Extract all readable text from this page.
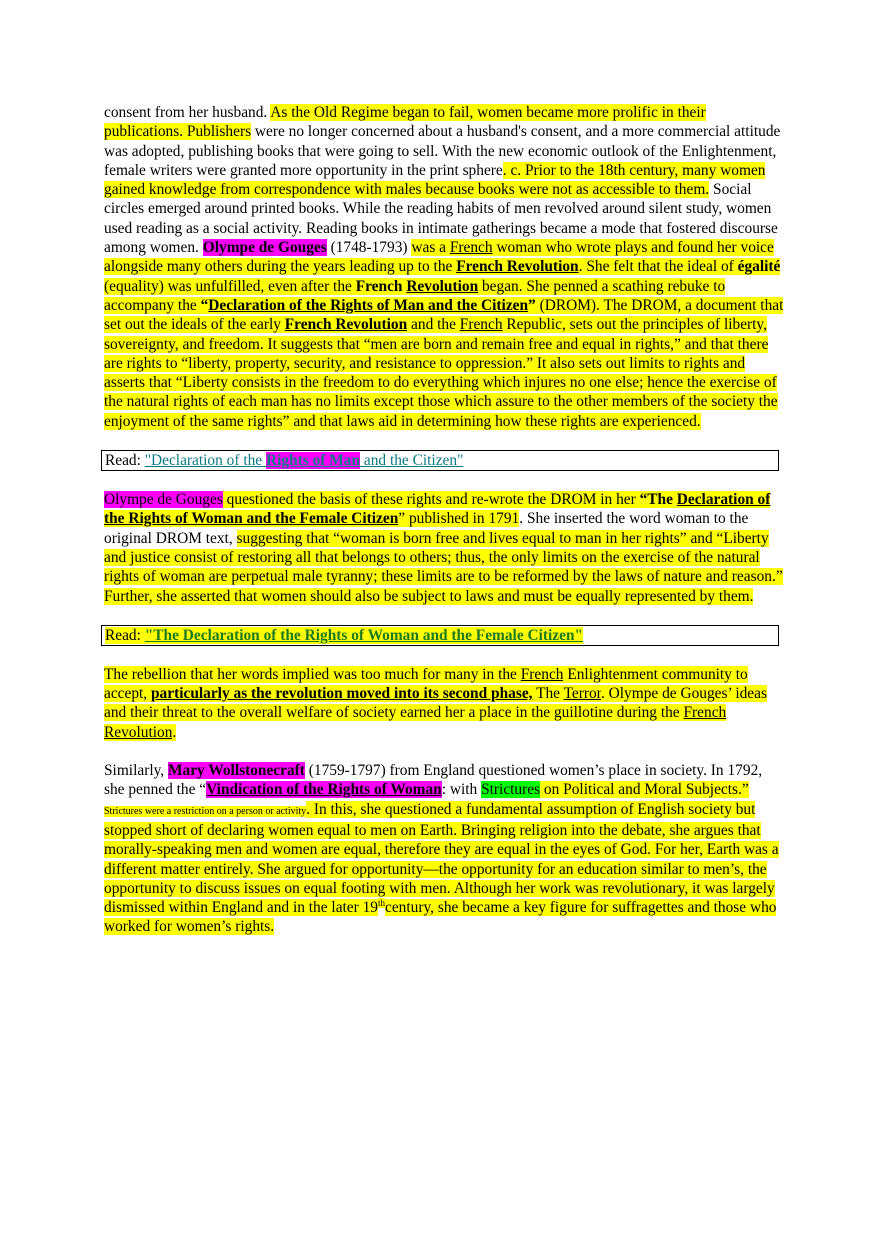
consent from her husband. As the Old Regime began to fail, women became more prolific in their publications. Publishers were no longer concerned about a husband's consent, and a more commercial attitude was adopted, publishing books that were going to sell. With the new economic outlook of the Enlightenment, female writers were granted more opportunity in the print sphere. c. Prior to the 18th century, many women gained knowledge from correspondence with males because books were not as accessible to them. Social circles emerged around printed books. While the reading habits of men revolved around silent study, women used reading as a social activity. Reading books in intimate gatherings became a mode that fostered discourse among women. Olympe de Gouges (1748-1793) was a French woman who wrote plays and found her voice alongside many others during the years leading up to the French Revolution. She felt that the ideal of égalité (equality) was unfulfilled, even after the French Revolution began. She penned a scathing rebuke to accompany the “Declaration of the Rights of Man and the Citizen” (DROM). The DROM, a document that set out the ideals of the early French Revolution and the French Republic, sets out the principles of liberty, sovereignty, and freedom. It suggests that “men are born and remain free and equal in rights,” and that there are rights to “liberty, property, security, and resistance to oppression.” It also sets out limits to rights and asserts that “Liberty consists in the freedom to do everything which injures no one else; hence the exercise of the natural rights of each man has no limits except those which assure to the other members of the society the enjoyment of the same rights” and that laws aid in determining how these rights are experienced.

Read: "Declaration of the Rights of Man and the Citizen"

Olympe de Gouges questioned the basis of these rights and re-wrote the DROM in her “The Declaration of the Rights of Woman and the Female Citizen” published in 1791. She inserted the word woman to the original DROM text, suggesting that “woman is born free and lives equal to man in her rights” and “Liberty and justice consist of restoring all that belongs to others; thus, the only limits on the exercise of the natural rights of woman are perpetual male tyranny; these limits are to be reformed by the laws of nature and reason.” Further, she asserted that women should also be subject to laws and must be equally represented by them.

Read: "The Declaration of the Rights of Woman and the Female Citizen"

The rebellion that her words implied was too much for many in the French Enlightenment community to accept, particularly as the revolution moved into its second phase, The Terror. Olympe de Gouges’ ideas and their threat to the overall welfare of society earned her a place in the guillotine during the French Revolution.

Similarly, Mary Wollstonecraft (1759-1797) from England questioned women’s place in society. In 1792, she penned the “Vindication of the Rights of Woman: with Strictures on Political and Moral Subjects.” Strictures were a restriction on a person or activity. In this, she questioned a fundamental assumption of English society but stopped short of declaring women equal to men on Earth. Bringing religion into the debate, she argues that morally-speaking men and women are equal, therefore they are equal in the eyes of God. For her, Earth was a different matter entirely. She argued for opportunity—the opportunity for an education similar to men’s, the opportunity to discuss issues on equal footing with men. Although her work was revolutionary, it was largely dismissed within England and in the later 19thcentury, she became a key figure for suffragettes and those who worked for women’s rights.
